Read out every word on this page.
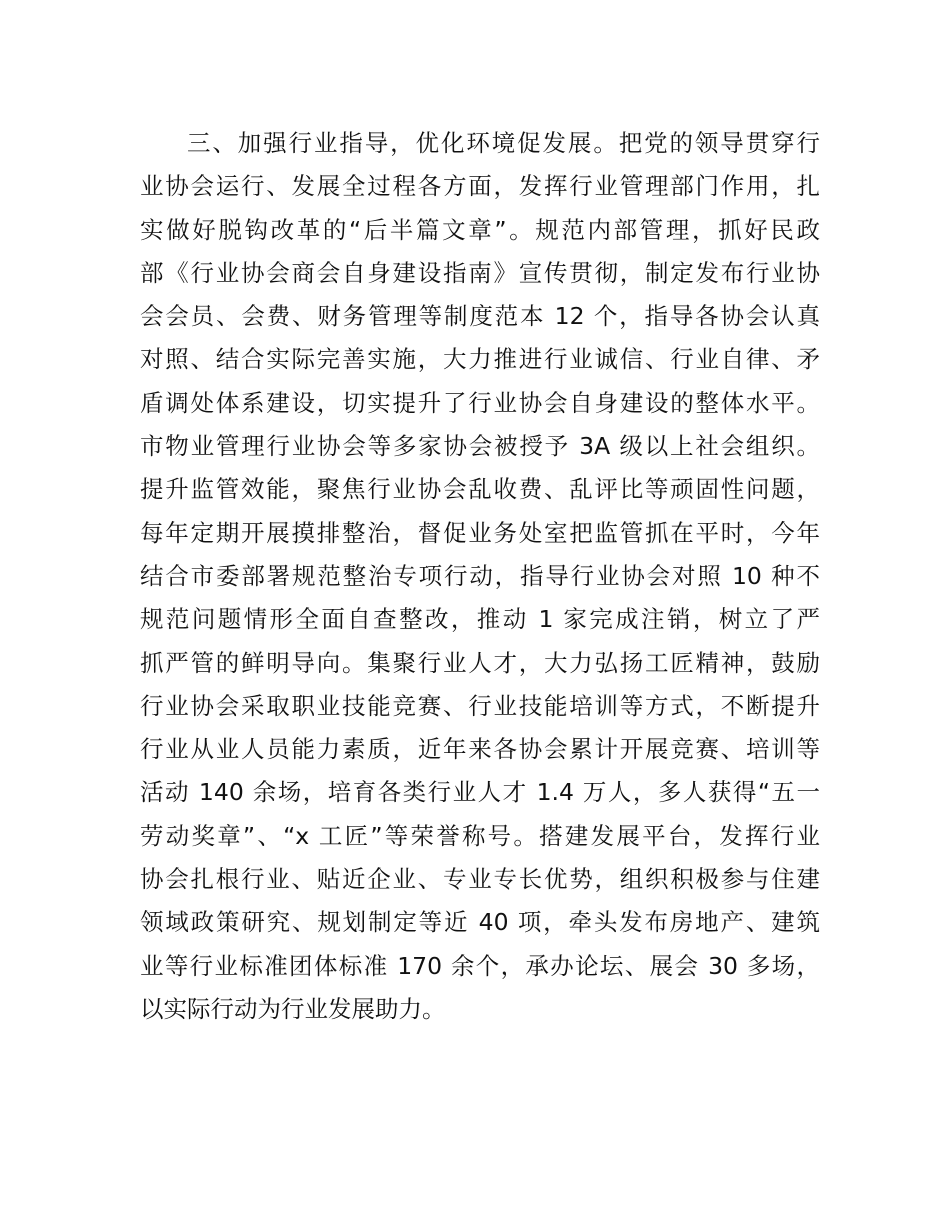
三、加强行业指导，优化环境促发展。把党的领导贯穿行
业协会运行、发展全过程各方面，发挥行业管理部门作用，扎
实做好脱钩改革的“后半篇文章”。规范内部管理，抓好民政
部《行业协会商会自身建设指南》宣传贯彻，制定发布行业协
会会员、会费、财务管理等制度范本 12 个，指导各协会认真
对照、结合实际完善实施，大力推进行业诚信、行业自律、矛
盾调处体系建设，切实提升了行业协会自身建设的整体水平。
市物业管理行业协会等多家协会被授予 3A 级以上社会组织。
提升监管效能，聚焦行业协会乱收费、乱评比等顽固性问题，
每年定期开展摸排整治，督促业务处室把监管抓在平时，今年
结合市委部署规范整治专项行动，指导行业协会对照 10 种不
规范问题情形全面自查整改，推动 1 家完成注销，树立了严
抓严管的鲜明导向。集聚行业人才，大力弘扬工匠精神，鼓励
行业协会采取职业技能竞赛、行业技能培训等方式，不断提升
行业从业人员能力素质，近年来各协会累计开展竞赛、培训等
活动 140 余场，培育各类行业人才 1.4 万人，多人获得“五一
劳动奖章”、“x 工匠”等荣誉称号。搭建发展平台，发挥行业
协会扎根行业、贴近企业、专业专长优势，组织积极参与住建
领域政策研究、规划制定等近 40 项，牵头发布房地产、建筑
业等行业标准团体标准 170 余个，承办论坛、展会 30 多场，
以实际行动为行业发展助力。
